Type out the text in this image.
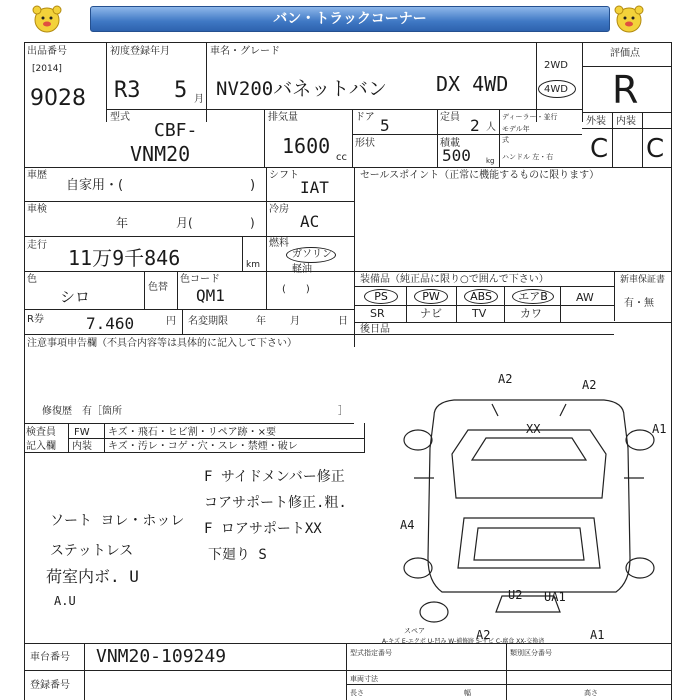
バン・トラックコーナー
出品番号
[2014]
9028
初度登録年月
R3 5 月
車名・グレード
NV200バネットバン DX 4WD
2WD
4WD
評価点
R
型式
CBF-
VNM20
排気量
1600 cc
ドア 5	定員 2 人
ディーラー・並行
モデル年式
形状	積載
500 kg ハンドル 左・右
外装 内装
C C
車歴
自家用・(	)
シフト
IAT
車検
年	月(	)
冷房
AC
走行
11万9千846	km
燃料
ガソリン
軽油
(　　)
色
シロ
色替
色コード
QM1
R券	7.460	円 名変期限	年 月	日
注意事項申告欄（不具合内容等は具体的に記入して下さい）
修復歴　有［箇所	］
セールスポイント（正常に機能するものに限ります）
装備品（純正品に限り○で囲んで下さい）	新車保証書
有・無
PS	PW	ABS	エアB	AW
SR	ナビ	TV	カワ
後日品
検査員
記入欄
FW キズ・飛石・ヒビ割・リペア跡・×要
内装 キズ・汚レ・コゲ・穴・スレ・禁煙・破レ
ソート ヨレ・ホッレ
ステットレス
荷室内ボ. U
A.U
F サイドメンバー修正
コアサポート修正.粗.
F ロアサポートXX
下廻り S
A2	A2
A1
XX
A4
U2 UA1
A2	A1
スペア
A-キズ E-エクボ U-凹み W-補修跡 S-サビ C-腐食 XX-交換済
車台番号 VNM20-109249
登録番号
型式指定番号	類別区分番号
車両寸法
長さ	幅	高さ
